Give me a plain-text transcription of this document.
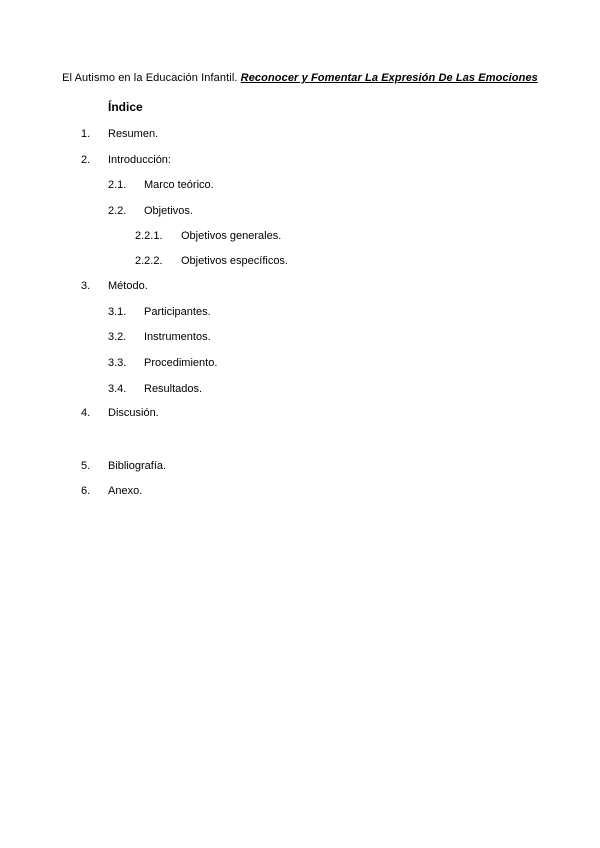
El Autismo en la Educación Infantil. Reconocer y Fomentar La Expresión De Las Emociones
Índice
1. Resumen.
2. Introducción:
2.1. Marco teórico.
2.2. Objetivos.
2.2.1. Objetivos generales.
2.2.2. Objetivos específicos.
3. Método.
3.1. Participantes.
3.2. Instrumentos.
3.3. Procedimiento.
3.4. Resultados.
4. Discusión.
5. Bibliografía.
6. Anexo.
